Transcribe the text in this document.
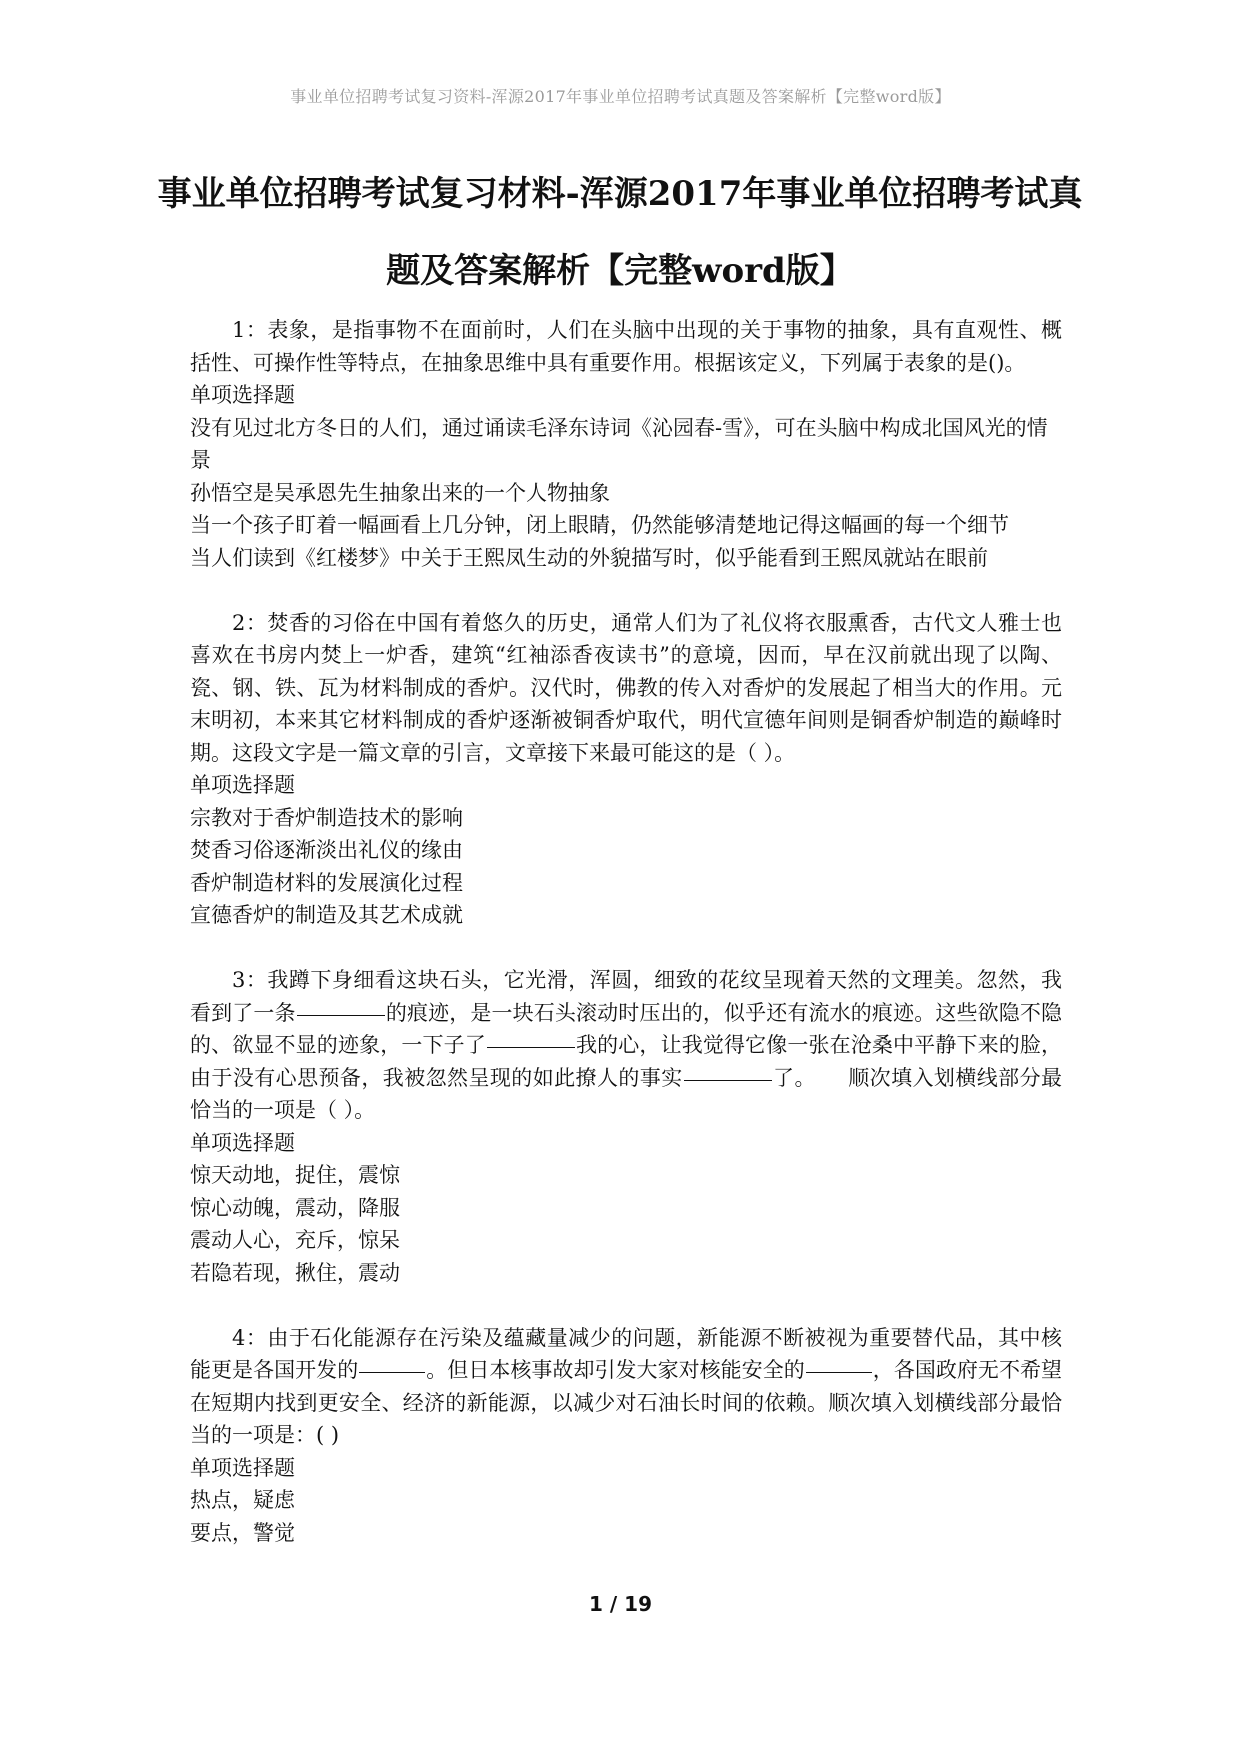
事业单位招聘考试复习资料-浑源2017年事业单位招聘考试真题及答案解析【完整word版】
事业单位招聘考试复习材料-浑源2017年事业单位招聘考试真题及答案解析【完整word版】

1：表象，是指事物不在面前时，人们在头脑中出现的关于事物的抽象，具有直观性、概括性、可操作性等特点，在抽象思维中具有重要作用。根据该定义，下列属于表象的是()。

单项选择题

没有见过北方冬日的人们，通过诵读毛泽东诗词《沁园春-雪》，可在头脑中构成北国风光的情景

孙悟空是吴承恩先生抽象出来的一个人物抽象

当一个孩子盯着一幅画看上几分钟，闭上眼睛，仍然能够清楚地记得这幅画的每一个细节

当人们读到《红楼梦》中关于王熙凤生动的外貌描写时，似乎能看到王熙凤就站在眼前

2：焚香的习俗在中国有着悠久的历史，通常人们为了礼仪将衣服熏香，古代文人雅士也喜欢在书房内焚上一炉香，建筑“红袖添香夜读书”的意境，因而，早在汉前就出现了以陶、瓷、钢、铁、瓦为材料制成的香炉。汉代时，佛教的传入对香炉的发展起了相当大的作用。元末明初，本来其它材料制成的香炉逐渐被铜香炉取代，明代宣德年间则是铜香炉制造的巅峰时期。这段文字是一篇文章的引言，文章接下来最可能这的是（ ）。

单项选择题

宗教对于香炉制造技术的影响

焚香习俗逐渐淡出礼仪的缘由

香炉制造材料的发展演化过程

宣德香炉的制造及其艺术成就

3：我蹲下身细看这块石头，它光滑，浑圆，细致的花纹呈现着天然的文理美。忽然，我看到了一条	的痕迹，是一块石头滚动时压出的，似乎还有流水的痕迹。这些欲隐不隐的、欲显不显的迹象，一下子了	我的心，让我觉得它像一张在沧桑中平静下来的脸，由于没有心思预备，我被忽然呈现的如此撩人的事实	了。　　顺次填入划横线部分最恰当的一项是（ ）。

单项选择题

惊天动地，捉住，震惊

惊心动魄，震动，降服

震动人心，充斥，惊呆

若隐若现，揪住，震动

4：由于石化能源存在污染及蕴藏量减少的问题，新能源不断被视为重要替代品，其中核能更是各国开发的	。但日本核事故却引发大家对核能安全的	，各国政府无不希望在短期内找到更安全、经济的新能源，以减少对石油长时间的依赖。顺次填入划横线部分最恰当的一项是：( )

单项选择题

热点，疑虑

要点，警觉

1 / 19
